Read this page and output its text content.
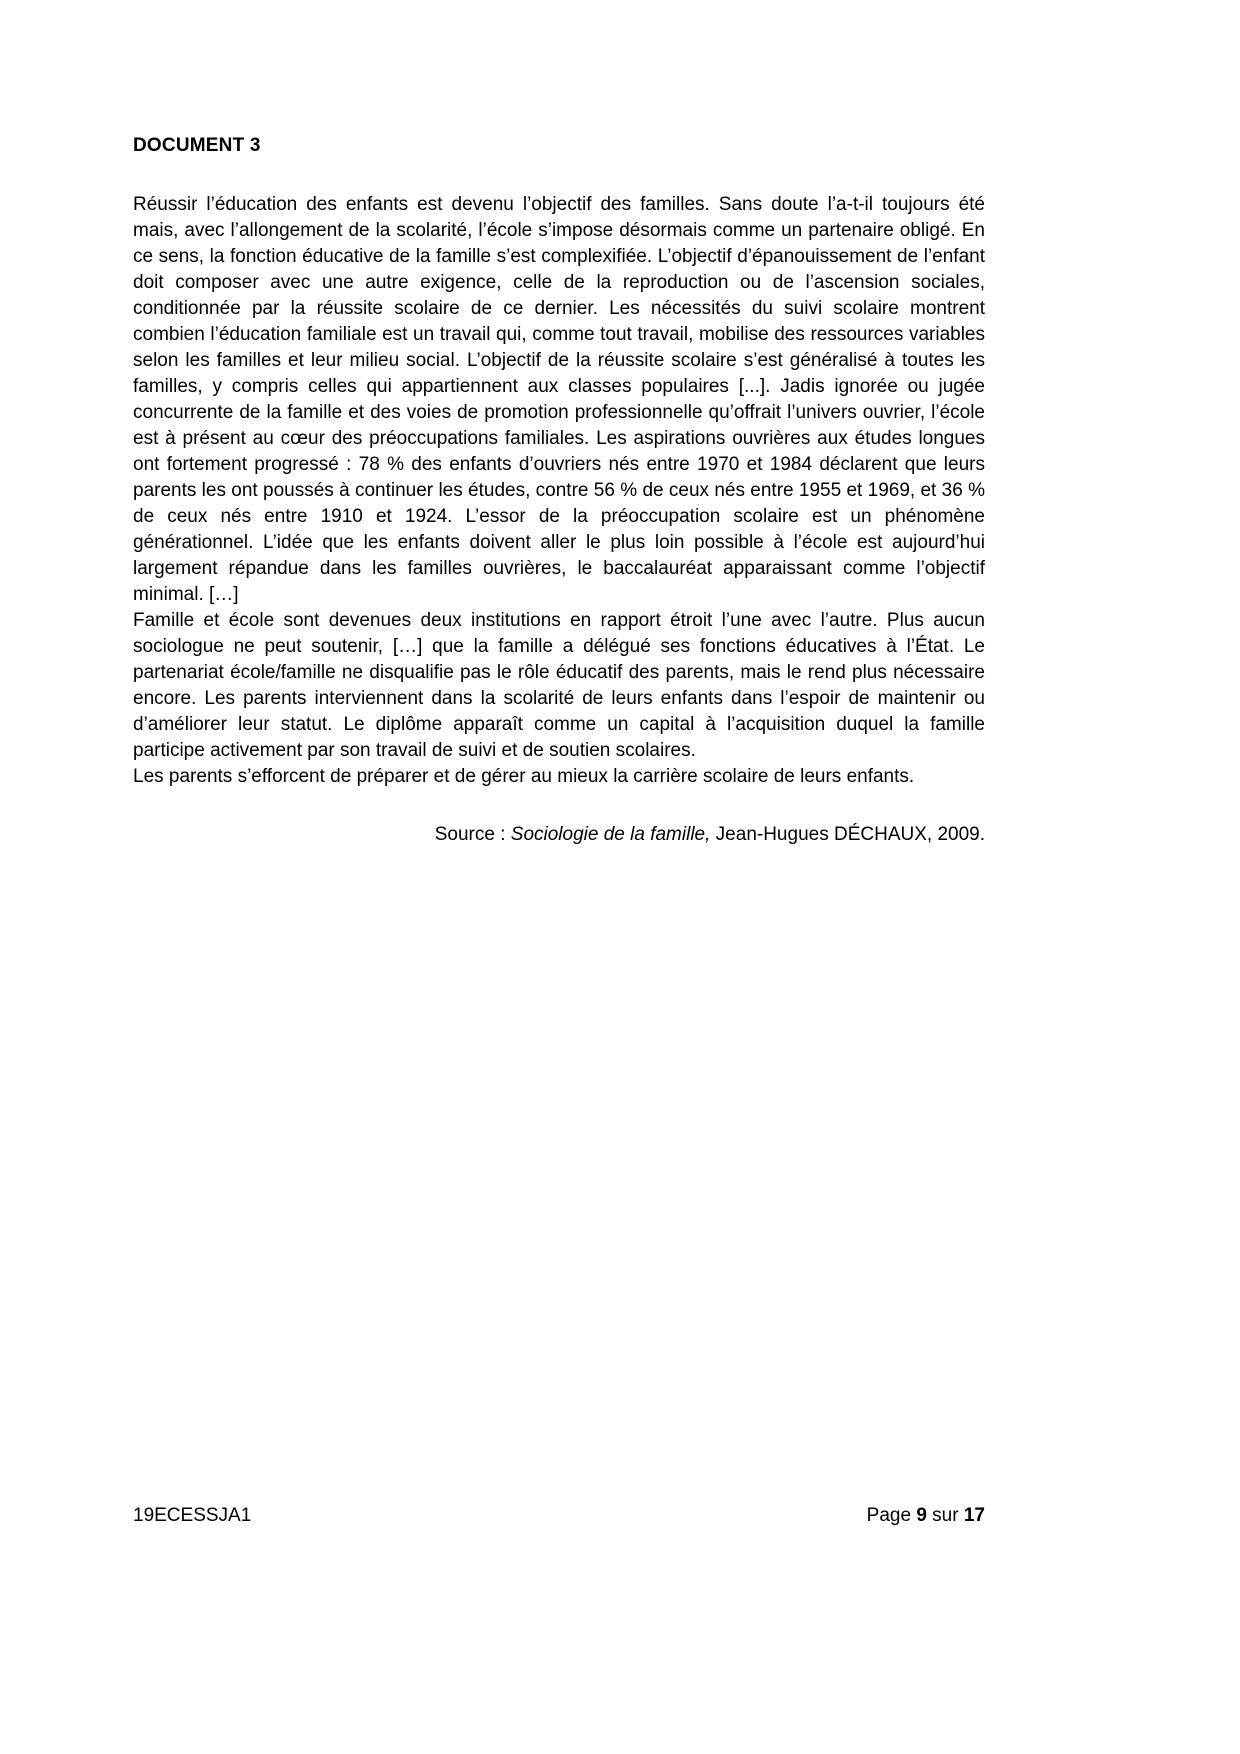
DOCUMENT 3

Réussir l’éducation des enfants est devenu l’objectif des familles. Sans doute l’a-t-il toujours été mais, avec l’allongement de la scolarité, l’école s’impose désormais comme un partenaire obligé. En ce sens, la fonction éducative de la famille s’est complexifiée. L’objectif d’épanouissement de l’enfant doit composer avec une autre exigence, celle de la reproduction ou de l’ascension sociales, conditionnée par la réussite scolaire de ce dernier. Les nécessités du suivi scolaire montrent combien l’éducation familiale est un travail qui, comme tout travail, mobilise des ressources variables selon les familles et leur milieu social. L’objectif de la réussite scolaire s’est généralisé à toutes les familles, y compris celles qui appartiennent aux classes populaires [...]. Jadis ignorée ou jugée concurrente de la famille et des voies de promotion professionnelle qu’offrait l’univers ouvrier, l’école est à présent au cœur des préoccupations familiales. Les aspirations ouvrières aux études longues ont fortement progressé : 78 % des enfants d’ouvriers nés entre 1970 et 1984 déclarent que leurs parents les ont poussés à continuer les études, contre 56 % de ceux nés entre 1955 et 1969, et 36 % de ceux nés entre 1910 et 1924. L’essor de la préoccupation scolaire est un phénomène générationnel. L’idée que les enfants doivent aller le plus loin possible à l’école est aujourd’hui largement répandue dans les familles ouvrières, le baccalauréat apparaissant comme l’objectif minimal. […]

Famille et école sont devenues deux institutions en rapport étroit l’une avec l’autre. Plus aucun sociologue ne peut soutenir, […] que la famille a délégué ses fonctions éducatives à l’État. Le partenariat école/famille ne disqualifie pas le rôle éducatif des parents, mais le rend plus nécessaire encore. Les parents interviennent dans la scolarité de leurs enfants dans l’espoir de maintenir ou d’améliorer leur statut. Le diplôme apparaît comme un capital à l’acquisition duquel la famille participe activement par son travail de suivi et de soutien scolaires.

Les parents s’efforcent de préparer et de gérer au mieux la carrière scolaire de leurs enfants.

Source : Sociologie de la famille, Jean-Hugues DÉCHAUX, 2009.
19ECESSJA1	Page 9 sur 17
